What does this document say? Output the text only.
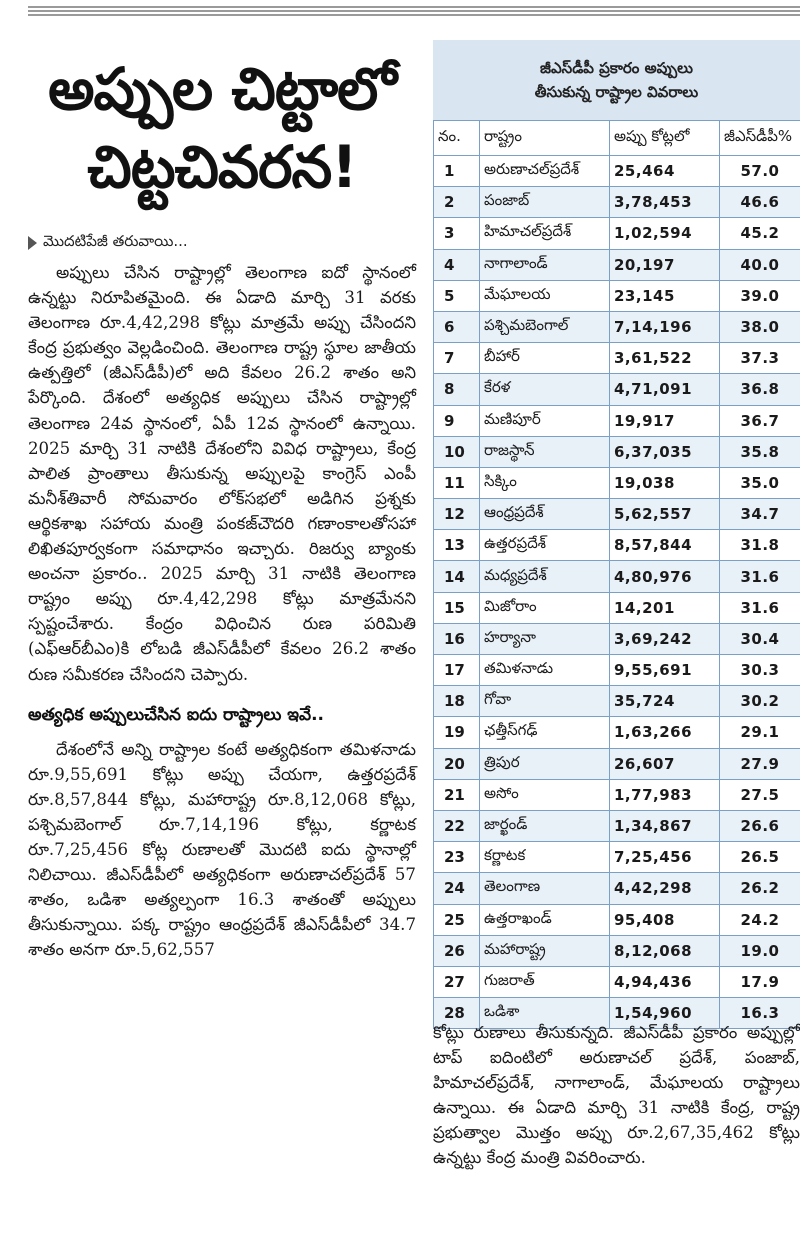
అప్పుల చిట్టాలో
చిట్టచివరన!
మొదటిపేజీ తరువాయి...

అప్పులు చేసిన రాష్ట్రాల్లో తెలంగాణ ఐదో స్థానంలో ఉన్నట్టు నిరూపితమైంది. ఈ ఏడాది మార్చి 31 వరకు తెలంగాణ రూ.4,42,298 కోట్లు మాత్రమే అప్పు చేసిందని కేంద్ర ప్రభుత్వం వెల్లడించింది. తెలంగాణ రాష్ట్ర స్థూల జాతీయ ఉత్పత్తిలో (జీఎస్‌డీపీ)లో అది కేవలం 26.2 శాతం అని పేర్కొంది. దేశంలో అత్యధిక అప్పులు చేసిన రాష్ట్రాల్లో తెలంగాణ 24వ స్థానంలో, ఏపీ 12వ స్థానంలో ఉన్నాయి. 2025 మార్చి 31 నాటికి దేశంలోని వివిధ రాష్ట్రాలు, కేంద్ర పాలిత ప్రాంతాలు తీసుకున్న అప్పులపై కాంగ్రెస్ ఎంపీ మనీశ్‌తివారీ సోమవారం లోక్‌సభలో అడిగిన ప్రశ్నకు ఆర్థికశాఖ సహాయ మంత్రి పంకజ్‌చౌదరి గణాంకాలతోసహా లిఖితపూర్వకంగా సమాధానం ఇచ్చారు. రిజర్వు బ్యాంకు అంచనా ప్రకారం.. 2025 మార్చి 31 నాటికి తెలంగాణ రాష్ట్రం అప్పు రూ.4,42,298 కోట్లు మాత్రమేనని స్పష్టంచేశారు. కేంద్రం విధించిన రుణ పరిమితి (ఎఫ్ఆర్‌బీఎం)కి లోబడి జీఎస్‌డీపీలో కేవలం 26.2 శాతం రుణ సమీకరణ చేసిందని చెప్పారు.

అత్యధిక అప్పులుచేసిన ఐదు రాష్ట్రాలు ఇవే..

దేశంలోనే అన్ని రాష్ట్రాల కంటే అత్యధికంగా తమిళనాడు రూ.9,55,691 కోట్లు అప్పు చేయగా, ఉత్తరప్రదేశ్ రూ.8,57,844 కోట్లు, మహారాష్ట్ర రూ.8,12,068 కోట్లు, పశ్చిమబెంగాల్ రూ.7,14,196 కోట్లు, కర్ణాటక రూ.7,25,456 కోట్ల రుణాలతో మొదటి ఐదు స్థానాల్లో నిలిచాయి. జీఎస్‌డీపీలో అత్యధికంగా అరుణాచల్‌ప్రదేశ్ 57 శాతం, ఒడిశా అత్యల్పంగా 16.3 శాతంతో అప్పులు తీసుకున్నాయి. పక్క రాష్ట్రం ఆంధ్రప్రదేశ్ జీఎస్‌డీపీలో 34.7 శాతం అనగా రూ.5,62,557

జీఎస్‌డీపీ ప్రకారం అప్పులు
తీసుకున్న రాష్ట్రాల వివరాలు
నం.	రాష్ట్రం	అప్పు కోట్లలో	జీఎస్‌డీపీ%
1	అరుణాచల్‌ప్రదేశ్	25,464	57.0
2	పంజాబ్	3,78,453	46.6
3	హిమాచల్‌ప్రదేశ్	1,02,594	45.2
4	నాగాలాండ్	20,197	40.0
5	మేఘాలయ	23,145	39.0
6	పశ్చిమబెంగాల్	7,14,196	38.0
7	బీహార్	3,61,522	37.3
8	కేరళ	4,71,091	36.8
9	మణిపూర్	19,917	36.7
10	రాజస్థాన్	6,37,035	35.8
11	సిక్కిం	19,038	35.0
12	ఆంధ్రప్రదేశ్	5,62,557	34.7
13	ఉత్తరప్రదేశ్	8,57,844	31.8
14	మధ్యప్రదేశ్	4,80,976	31.6
15	మిజోరాం	14,201	31.6
16	హర్యానా	3,69,242	30.4
17	తమిళనాడు	9,55,691	30.3
18	గోవా	35,724	30.2
19	ఛత్తీస్‌గఢ్	1,63,266	29.1
20	త్రిపుర	26,607	27.9
21	అసోం	1,77,983	27.5
22	జార్ఖండ్	1,34,867	26.6
23	కర్ణాటక	7,25,456	26.5
24	తెలంగాణ	4,42,298	26.2
25	ఉత్తరాఖండ్	95,408	24.2
26	మహారాష్ట్ర	8,12,068	19.0
27	గుజరాత్	4,94,436	17.9
28	ఒడిశా	1,54,960	16.3

కోట్లు రుణాలు తీసుకున్నది. జీఎస్‌డీపీ ప్రకారం అప్పుల్లో టాప్ ఐదింటిలో అరుణాచల్ ప్రదేశ్, పంజాబ్, హిమాచల్‌ప్రదేశ్, నాగాలాండ్, మేఘాలయ రాష్ట్రాలు ఉన్నాయి. ఈ ఏడాది మార్చి 31 నాటికి కేంద్ర, రాష్ట్ర ప్రభుత్వాల మొత్తం అప్పు రూ.2,67,35,462 కోట్లు ఉన్నట్టు కేంద్ర మంత్రి వివరించారు.
